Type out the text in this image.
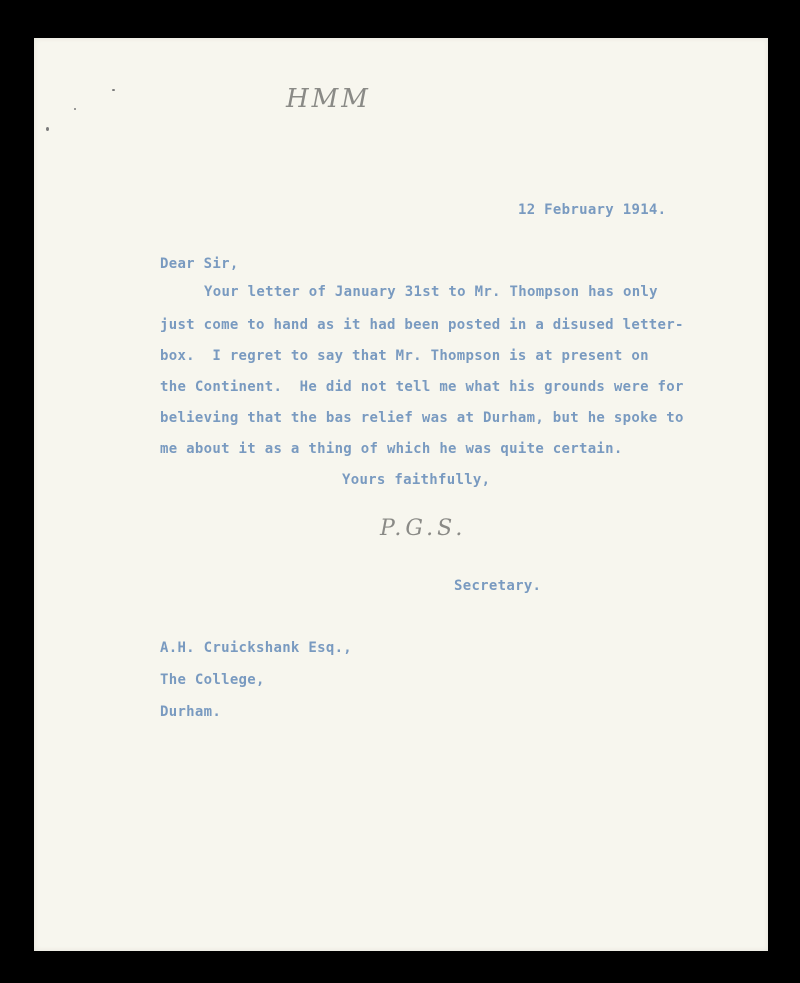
HMM
12 February 1914.
Dear Sir,
Your letter of January 31st to Mr. Thompson has only
just come to hand as it had been posted in a disused letter-
box.  I regret to say that Mr. Thompson is at present on
the Continent.  He did not tell me what his grounds were for
believing that the bas relief was at Durham, but he spoke to
me about it as a thing of which he was quite certain.
Yours faithfully,
P.G.S.
Secretary.
A.H. Cruickshank Esq.,
The College,
Durham.
